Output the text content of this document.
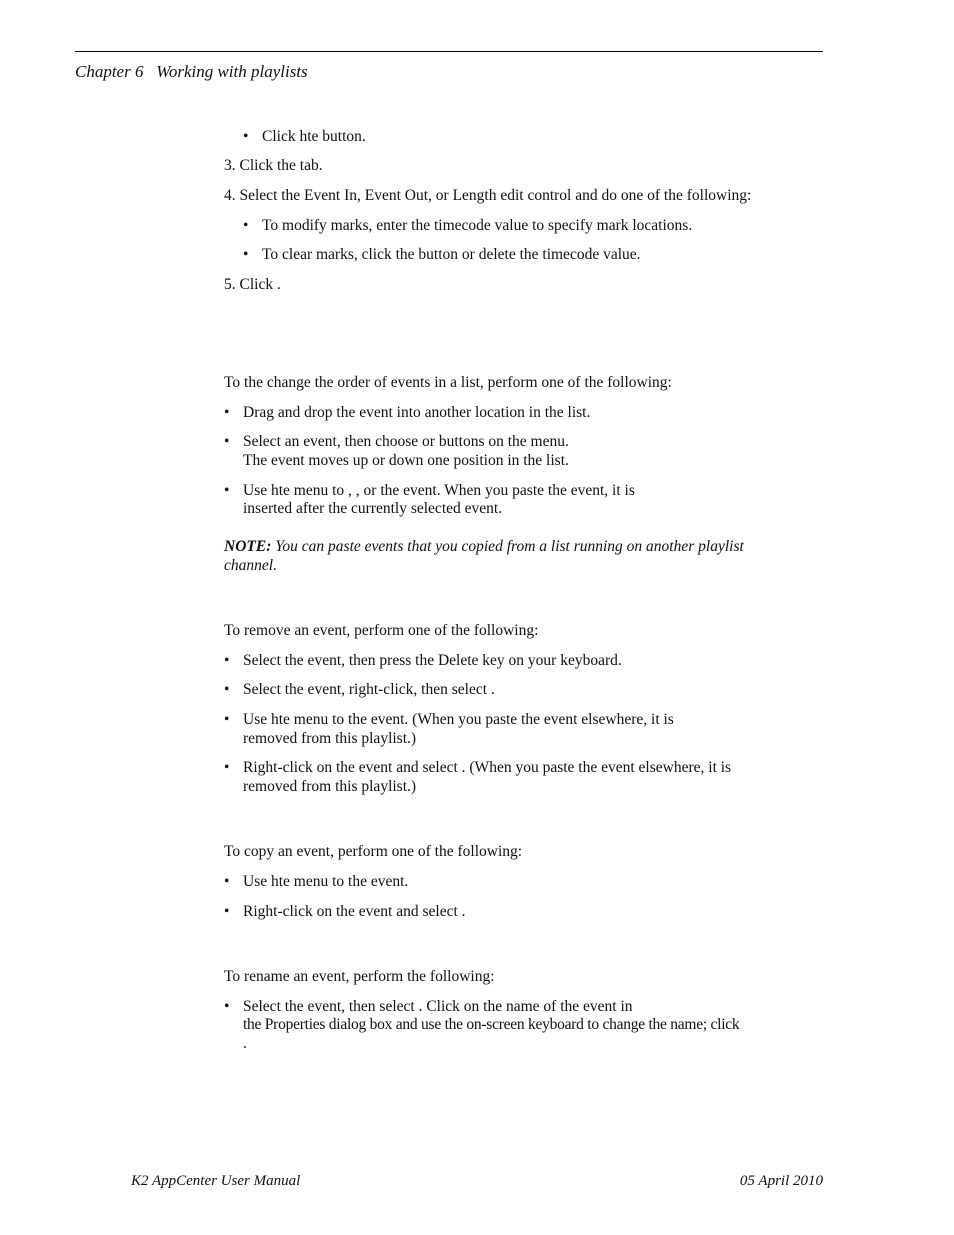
Chapter 6   Working with playlists
• Click hte button.
3. Click the tab.
4. Select the Event In, Event Out, or Length edit control and do one of the following:
• To modify marks, enter the timecode value to specify mark locations.
• To clear marks, click the button or delete the timecode value.
5. Click .
To the change the order of events in a list, perform one of the following:
• Drag and drop the event into another location in the list.
• Select an event, then choose or buttons on the menu.
The event moves up or down one position in the list.
• Use hte menu to , , or the event. When you paste the event, it is
inserted after the currently selected event.
NOTE: You can paste events that you copied from a list running on another playlist
channel.
To remove an event, perform one of the following:
• Select the event, then press the Delete key on your keyboard.
• Select the event, right-click, then select .
• Use hte menu to the event. (When you paste the event elsewhere, it is
removed from this playlist.)
• Right-click on the event and select . (When you paste the event elsewhere, it is
removed from this playlist.)
To copy an event, perform one of the following:
• Use hte menu to the event.
• Right-click on the event and select .
To rename an event, perform the following:
• Select the event, then select . Click on the name of the event in
the Properties dialog box and use the on-screen keyboard to change the name; click
.
K2 AppCenter User Manual	05 April 2010
